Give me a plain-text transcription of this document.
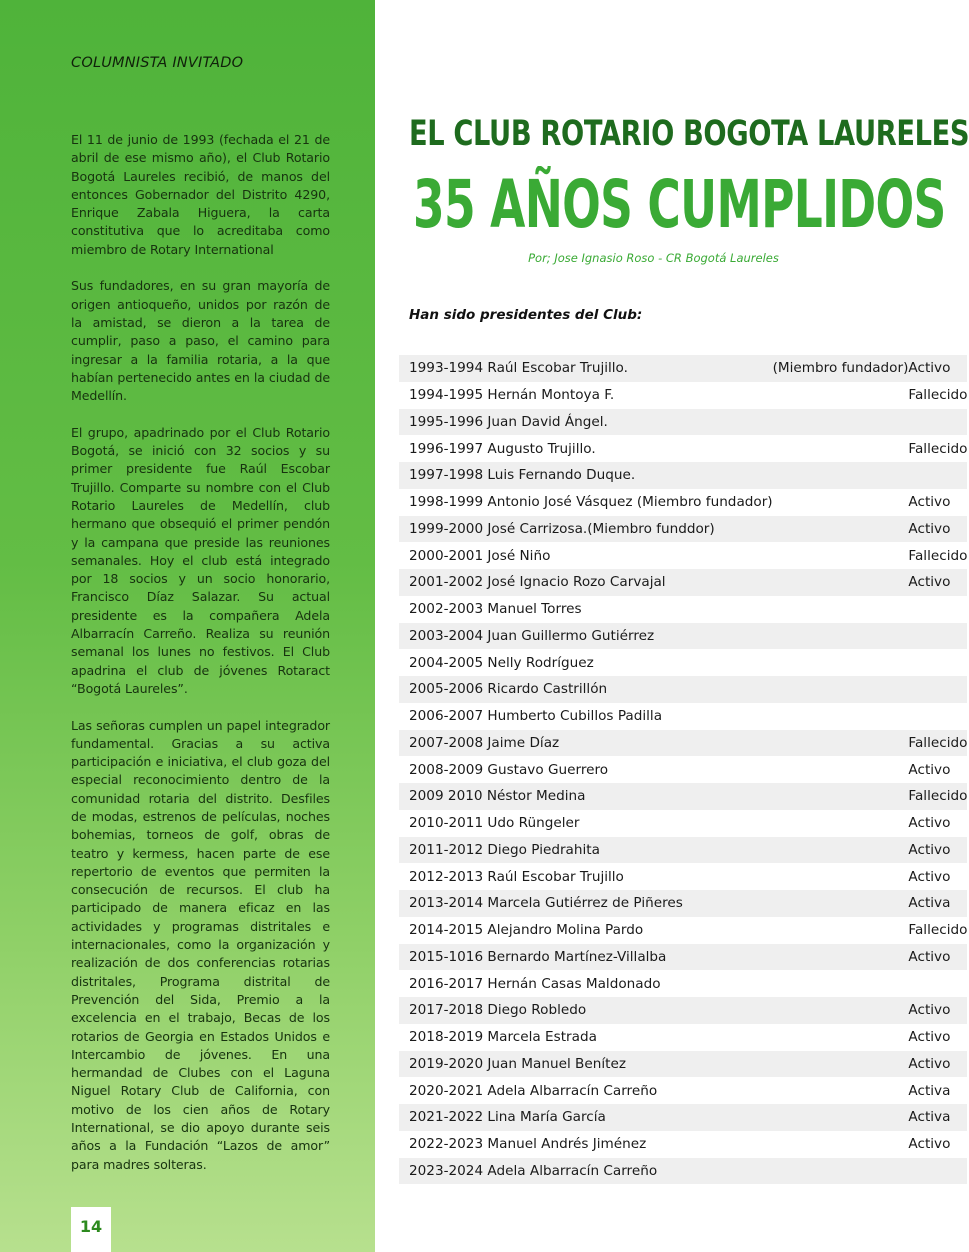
COLUMNISTA INVITADO

El 11 de junio de 1993 (fechada el 21 de abril de ese mismo año), el Club Rotario Bogotá Laureles recibió, de manos del entonces Gobernador del Distrito 4290, Enrique Zabala Higuera, la carta constitutiva que lo acreditaba como miembro de Rotary International

Sus fundadores, en su gran mayoría de origen antioqueño, unidos por razón de la amistad, se dieron a la tarea de cumplir, paso a paso, el camino para ingresar a la familia rotaria, a la que habían pertenecido antes en la ciudad de Medellín.

El grupo, apadrinado por el Club Rotario Bogotá, se inició con 32 socios y su primer presidente fue Raúl Escobar Trujillo. Comparte su nombre con el Club Rotario Laureles de Medellín, club hermano que obsequió el primer pendón y la campana que preside las reuniones semanales. Hoy el club está integrado por 18 socios y un socio honorario, Francisco Díaz Salazar. Su actual presidente es la compañera Adela Albarracín Carreño. Realiza su reunión semanal los lunes no festivos. El Club apadrina el club de jóvenes Rotaract “Bogotá Laureles”.

Las señoras cumplen un papel integrador fundamental. Gracias a su activa participación e iniciativa, el club goza del especial reconocimiento dentro de la comunidad rotaria del distrito. Desfiles de modas, estrenos de películas, noches bohemias, torneos de golf, obras de teatro y kermess, hacen parte de ese repertorio de eventos que permiten la consecución de recursos. El club ha participado de manera eficaz en las actividades y programas distritales e internacionales, como la organización y realización de dos conferencias rotarias distritales, Programa distrital de Prevención del Sida, Premio a la excelencia en el trabajo, Becas de los rotarios de Georgia en Estados Unidos e Intercambio de jóvenes. En una hermandad de Clubes con el Laguna Niguel Rotary Club de California, con motivo de los cien años de Rotary International, se dio apoyo durante seis años a la Fundación “Lazos de amor” para madres solteras.

14
EL CLUB ROTARIO BOGOTA LAURELES
35 AÑOS CUMPLIDOS
Por; Jose Ignasio Roso - CR Bogotá Laureles
Han sido presidentes del Club:
1993-1994 Raúl Escobar Trujillo.	(Miembro fundador)	Activo
1994-1995 Hernán Montoya F.		Fallecido
1995-1996 Juan David Ángel.		
1996-1997 Augusto Trujillo.		Fallecido
1997-1998 Luis Fernando Duque.		
1998-1999 Antonio José Vásquez (Miembro fundador)		Activo
1999-2000 José Carrizosa.(Miembro funddor)		Activo
2000-2001 José Niño		Fallecido
2001-2002 José Ignacio Rozo Carvajal		Activo
2002-2003 Manuel Torres		
2003-2004 Juan Guillermo Gutiérrez		
2004-2005 Nelly Rodríguez		
2005-2006 Ricardo Castrillón		
2006-2007 Humberto Cubillos Padilla		
2007-2008 Jaime Díaz		Fallecido
2008-2009 Gustavo Guerrero		Activo
2009 2010 Néstor Medina		Fallecido
2010-2011 Udo Rüngeler		Activo
2011-2012 Diego Piedrahita		Activo
2012-2013 Raúl Escobar Trujillo		Activo
2013-2014 Marcela Gutiérrez de Piñeres		Activa
2014-2015 Alejandro Molina Pardo		Fallecido
2015-1016 Bernardo Martínez-Villalba		Activo
2016-2017 Hernán Casas Maldonado		
2017-2018 Diego Robledo		Activo
2018-2019 Marcela Estrada		Activo
2019-2020 Juan Manuel Benítez		Activo
2020-2021 Adela Albarracín Carreño		Activa
2021-2022 Lina María García		Activa
2022-2023 Manuel Andrés Jiménez		Activo
2023-2024 Adela Albarracín Carreño		
